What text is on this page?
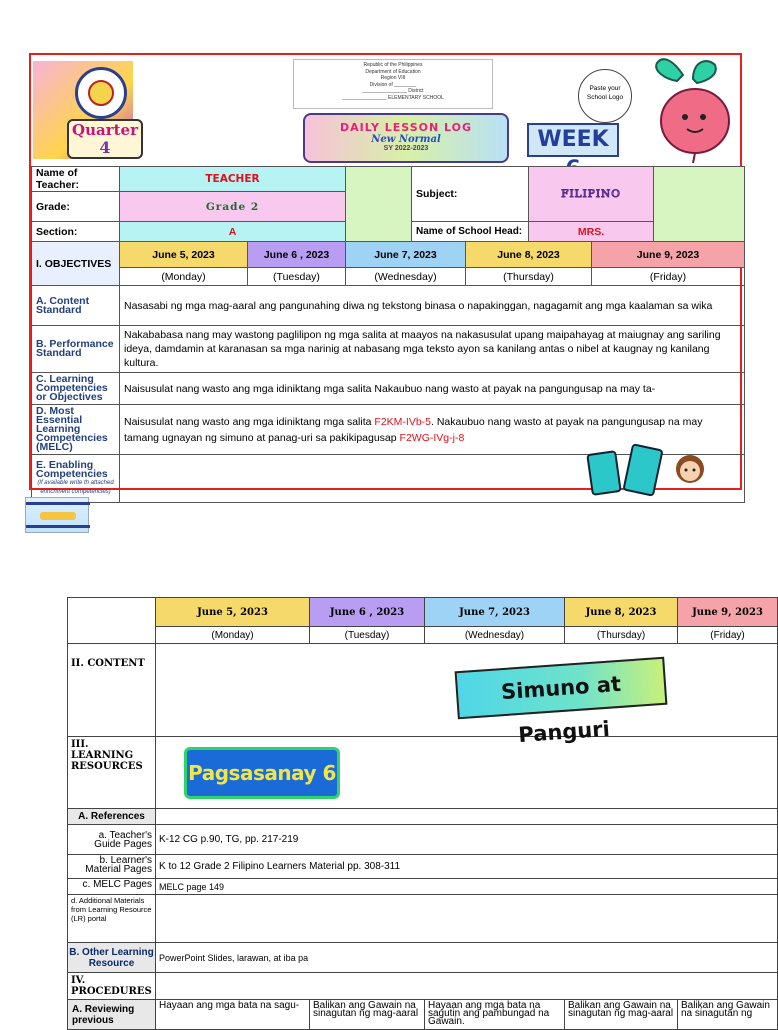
Quarter
4
Republic of the Philippines
Department of Education
Region VIII
Division of ________
________________ District
________________ ELEMENTARY SCHOOL
DAILY LESSON LOG
New Normal
SY 2022-2023
Paste your School Logo
WEEK
Name of Teacher:	TEACHER			Subject:		FILIPINO		
Grade:	Grade 2							
Section:	A			Name of School Head:		MRS.		
I. OBJECTIVES	June 5, 2023	June 6 , 2023	June 7, 2023		June 8, 2023		June 9, 2023	
	(Monday)	(Tuesday)	(Wednesday)		(Thursday)		(Friday)	
A. Content Standard	Nasasabi ng mga mag-aaral ang pangunahing diwa ng tekstong binasa o napakinggan, nagagamit ang mga kaalaman sa wika							
B. Performance Standard	Nakababasa nang may wastong paglilipon ng mga salita at maayos na nakasusulat upang maipahayag at maiugnay ang sariling ideya, damdamin at karanasan sa mga narinig at nabasang mga teksto ayon sa kanilang antas o nibel at kaugnay ng kanilang kultura.							
C. Learning Competencies or Objectives	Naisusulat nang wasto ang mga idiniktang mga salita Nakaubuo nang wasto at payak na pangungusap na may ta-							
D. Most Essential Learning Competencies (MELC)	Naisusulat nang wasto ang mga idiniktang mga salita F2KM-IVb-5. Nakaubuo nang wasto at payak na pangungusap na may tamang ugnayan ng simuno at panag-uri sa pakikipagusap F2WG-IVg-j-8							
E. Enabling Competencies
(If available write th attached enrichment competencies)								

	June 5, 2023	June 6 , 2023	June 7, 2023	June 8, 2023	June 9, 2023
	(Monday)	(Tuesday)	(Wednesday)	(Thursday)	(Friday)
II. CONTENT	Simuno at Panguri				

III. LEARNING RESOURCES	Pagsasanay 6				

A. References					
a. Teacher's Guide Pages	K-12 CG p.90, TG, pp. 217-219				
b. Learner's Material Pages	K to 12 Grade 2 Filipino Learners Material pp. 308-311				
c. MELC Pages	MELC page 149				
d. Additional Materials from Learning Resource (LR) portal					
B. Other Learning Resource	PowerPoint Slides, larawan, at iba pa				
IV. PROCEDURES					
A. Reviewing previous	Hayaan ang mga bata na sagu-	Balikan ang Gawain na sinagutan ng mag-aaral	Hayaan ang mga bata na sagutin ang pambungad na Gawain.	Balikan ang Gawain na sinagutan ng mag-aaral	Balikan ang Gawain na sinagutan ng
